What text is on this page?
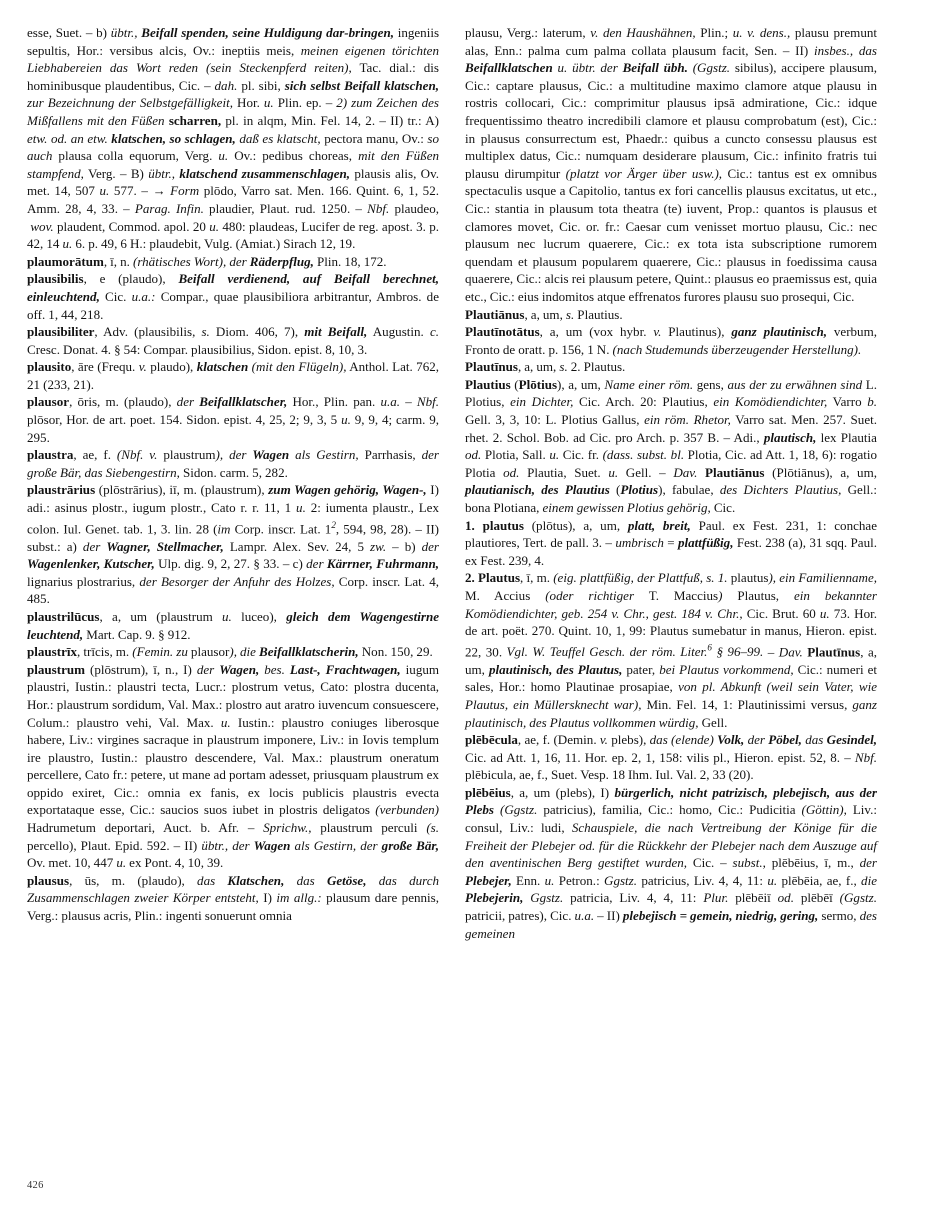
esse, Suet. – b) übtr., Beifall spenden, seine Huldigung dar-bringen, ingeniis sepultis, Hor.: versibus alcis, Ov.: ineptiis meis, meinen eigenen törichten Liebhabereien das Wort reden (sein Steckenpferd reiten), Tac. dial.: dis hominibusque plaudentibus, Cic. – dah. pl. sibi, sich selbst Beifall klatschen, zur Bezeichnung der Selbstgefälligkeit, Hor. u. Plin. ep. – 2) zum Zeichen des Mißfallens mit den Füßen scharren, pl. in alqm, Min. Fel. 14, 2. – II) tr.: A) etw. od. an etw. klatschen, so schlagen, daß es klatscht, pectora manu, Ov.: so auch plausa colla equorum, Verg. u. Ov.: pedibus choreas, mit den Füßen stampfend, Verg. – B) übtr., klatschend zusammenschlagen, plausis alis, Ov. met. 14, 507 u. 577. – → Form plōdo, Varro sat. Men. 166. Quint. 6, 1, 52. Amm. 28, 4, 33. – Parag. Infin. plaudier, Plaut. rud. 1250. – Nbf. plaudeo,  wov. plaudent, Commod. apol. 20 u. 480: plaudeas, Lucifer de reg. apost. 3. p. 42, 14 u. 6. p. 49, 6 H.: plaudebit, Vulg. (Amiat.) Sirach 12, 19.

plaumorātum, ī, n. (rhätisches Wort), der Räderpflug, Plin. 18, 172.

plausibilis, e (plaudo), Beifall verdienend, auf Beifall berechnet, einleuchtend, Cic. u.a.: Compar., quae plausibiliora arbitrantur, Ambros. de off. 1, 44, 218.

plausibiliter, Adv. (plausibilis, s. Diom. 406, 7), mit Beifall, Augustin. c. Cresc. Donat. 4. § 54: Compar. plausibilius, Sidon. epist. 8, 10, 3.

plausito, āre (Frequ. v. plaudo), klatschen (mit den Flügeln), Anthol. Lat. 762, 21 (233, 21).

plausor, ōris, m. (plaudo), der Beifallklatscher, Hor., Plin. pan. u.a. – Nbf. plōsor, Hor. de art. poet. 154. Sidon. epist. 4, 25, 2; 9, 3, 5 u. 9, 9, 4; carm. 9, 295.

plaustra, ae, f. (Nbf. v. plaustrum), der Wagen als Gestirn, Parrhasis, der große Bär, das Siebengestirn, Sidon. carm. 5, 282.

plaustrārius (plōstrārius), iī, m. (plaustrum), zum Wagen gehörig, Wagen-, I) adi.: asinus plostr., iugum plostr., Cato r. r. 11, 1 u. 2: iumenta plaustr., Lex colon. Iul. Genet. tab. 1, 3. lin. 28 (im Corp. inscr. Lat. $1^2$, 594, 98, 28). – II) subst.: a) der Wagner, Stellmacher, Lampr. Alex. Sev. 24, 5 zw. – b) der Wagenlenker, Kutscher, Ulp. dig. 9, 2, 27. § 33. – c) der Kärrner, Fuhrmann, lignarius plostrarius, der Besorger der Anfuhr des Holzes, Corp. inscr. Lat. 4, 485.

plaustrilūcus, a, um (plaustrum u. luceo), gleich dem Wagengestirne leuchtend, Mart. Cap. 9. § 912.

plaustrīx, trīcis, m. (Femin. zu plausor), die Beifallklatscherin, Non. 150, 29.

plaustrum (plōstrum), ī, n., I) der Wagen, bes. Last-, Frachtwagen, iugum plaustri, Iustin.: plaustri tecta, Lucr.: plostrum vetus, Cato: plostra ducenta, Hor.: plaustrum sordidum, Val. Max.: plostro aut aratro iuvencum consuescere, Colum.: plaustro vehi, Val. Max. u. Iustin.: plaustro coniuges liberosque habere, Liv.: virgines sacraque in plaustrum imponere, Liv.: in Iovis templum ire plaustro, Iustin.: plaustro descendere, Val. Max.: plaustrum oneratum percellere, Cato fr.: petere, ut mane ad portam adesset, priusquam plaustrum ex oppido exiret, Cic.: omnia ex fanis, ex locis publicis plaustris evecta exportataque esse, Cic.: saucios suos iubet in plostris deligatos (verbunden) Hadrumetum deportari, Auct. b. Afr. – Sprichw., plaustrum perculi (s. percello), Plaut. Epid. 592. – II) übtr., der Wagen als Gestirn, der große Bär, Ov. met. 10, 447 u. ex Pont. 4, 10, 39.

plausus, ūs, m. (plaudo), das Klatschen, das Getöse, das durch Zusammenschlagen zweier Körper entsteht, I) im allg.: plausum dare pennis, Verg.: plausus acris, Plin.: ingenti sonuerunt omnia

plausu, Verg.: laterum, v. den Haushähnen, Plin.; u. v. dens., plausu premunt alas, Enn.: palma cum palma collata plausum facit, Sen. – II) insbes., das Beifallklatschen u. übtr. der Beifall übh. (Ggstz. sibilus), accipere plausum, Cic.: captare plausus, Cic.: a multitudine maximo clamore atque plausu in rostris collocari, Cic.: comprimitur plausus ipsā admiratione, Cic.: idque frequentissimo theatro incredibili clamore et plausu comprobatum (est), Cic.: in plausus consurrectum est, Phaedr.: quibus a cuncto consessu plausus est multiplex datus, Cic.: numquam desiderare plausum, Cic.: infinito fratris tui plausu dirumpitur (platzt vor Ärger über usw.), Cic.: tantus est ex omnibus spectaculis usque a Capitolio, tantus ex fori cancellis plausus excitatus, ut etc., Cic.: stantia in plausum tota theatra (te) iuvent, Prop.: quantos is plausus et clamores movet, Cic. or. fr.: Caesar cum venisset mortuo plausu, Cic.: nec plausum nec lucrum quaerere, Cic.: ex tota ista subscriptione rumorem quendam et plausum popularem quaerere, Cic.: plausus in foedissima causa quaerere, Cic.: alcis rei plausum petere, Quint.: plausus eo praemissus est, quia etc., Cic.: eius indomitos atque effrenatos furores plausu suo prosequi, Cic.

Plautiānus, a, um, s. Plautius.

Plautīnotātus, a, um (vox hybr. v. Plautinus), ganz plautinisch, verbum, Fronto de oratt. p. 156, 1 N. (nach Studemunds überzeugender Herstellung).

Plautīnus, a, um, s. 2. Plautus.

Plautius (Plōtius), a, um, Name einer röm. gens, aus der zu erwähnen sind L. Plotius, ein Dichter, Cic. Arch. 20: Plautius, ein Komödiendichter, Varro b. Gell. 3, 3, 10: L. Plotius Gallus, ein röm. Rhetor, Varro sat. Men. 257. Suet. rhet. 2. Schol. Bob. ad Cic. pro Arch. p. 357 B. – Adi., plautisch, lex Plautia od. Plotia, Sall. u. Cic. fr. (dass. subst. bl. Plotia, Cic. ad Att. 1, 18, 6): rogatio Plotia od. Plautia, Suet. u. Gell. – Dav. Plautiānus (Plōtiānus), a, um, plautianisch, des Plautius (Plotius), fabulae, des Dichters Plautius, Gell.: bona Plotiana, einem gewissen Plotius gehörig, Cic.

1. plautus (plōtus), a, um, platt, breit, Paul. ex Fest. 231, 1: conchae plautiores, Tert. de pall. 3. – umbrisch = plattfüßig, Fest. 238 (a), 31 sqq. Paul. ex Fest. 239, 4.

2. Plautus, ī, m. (eig. plattfüßig, der Plattfuß, s. 1. plautus), ein Familienname, M. Accius (oder richtiger T. Maccius) Plautus, ein bekannter Komödiendichter, geb. 254 v. Chr., gest. 184 v. Chr., Cic. Brut. 60 u. 73. Hor. de art. poët. 270. Quint. 10, 1, 99: Plautus sumebatur in manus, Hieron. epist. 22, 30. Vgl. W. Teuffel Gesch. der röm. Liter.$^6$ § 96–99. – Dav. Plautīnus, a, um, plautinisch, des Plautus, pater, bei Plautus vorkommend, Cic.: numeri et sales, Hor.: homo Plautinae prosapiae, von pl. Abkunft (weil sein Vater, wie Plautus, ein Müllersknecht war), Min. Fel. 14, 1: Plautinissimi versus, ganz plautinisch, des Plautus vollkommen würdig, Gell.

plēbēcula, ae, f. (Demin. v. plebs), das (elende) Volk, der Pöbel, das Gesindel, Cic. ad Att. 1, 16, 11. Hor. ep. 2, 1, 158: vilis pl., Hieron. epist. 52, 8. – Nbf. plēbicula, ae, f., Suet. Vesp. 18 Ihm. Iul. Val. 2, 33 (20).

plēbēius, a, um (plebs), I) bürgerlich, nicht patrizisch, plebejisch, aus der Plebs (Ggstz. patricius), familia, Cic.: homo, Cic.: Pudicitia (Göttin), Liv.: consul, Liv.: ludi, Schauspiele, die nach Vertreibung der Könige für die Freiheit der Plebejer od. für die Rückkehr der Plebejer nach dem Auszuge auf den aventinischen Berg gestiftet wurden, Cic. – subst., plēbēius, ī, m., der Plebejer, Enn. u. Petron.: Ggstz. patricius, Liv. 4, 4, 11: u. plēbēia, ae, f., die Plebejerin, Ggstz. patricia, Liv. 4, 4, 11: Plur. plēbēiī od. plēbēī (Ggstz. patricii, patres), Cic. u.a. – II) plebejisch = gemein, niedrig, gering, sermo, des gemeinen

426
